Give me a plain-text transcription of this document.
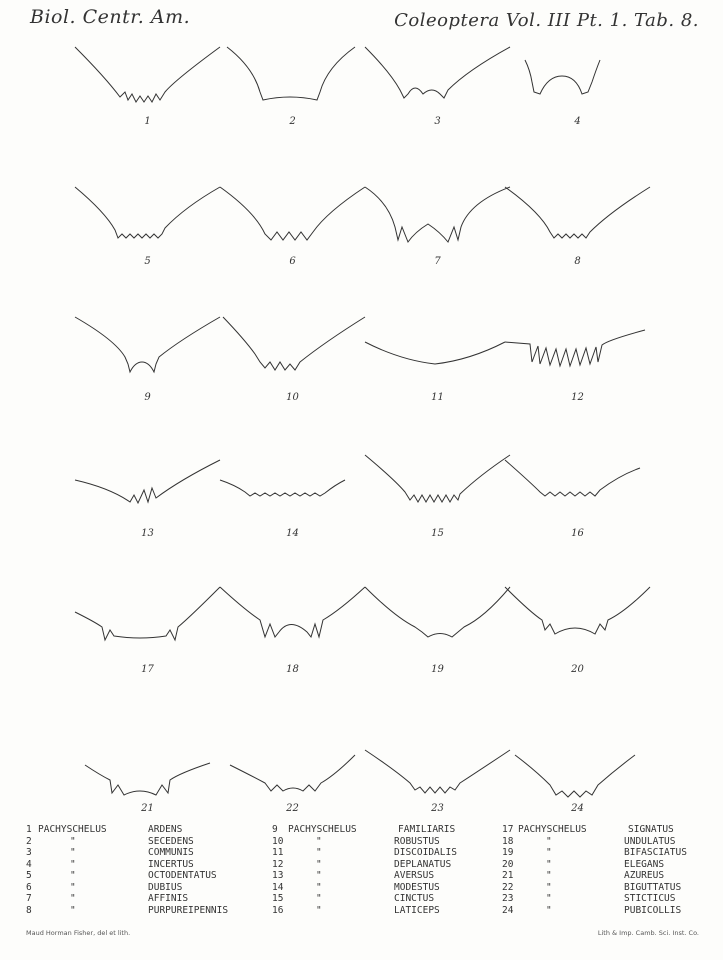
Biol. Centr. Am.	Coleoptera Vol. III Pt. 1. Tab. 8.
1	2	3	4
5	6	7	8
9	10	11	12
13	14	15	16
17	18	19	20
21	22	23	24
1 PACHYSCHELUS	ARDENS
2	"	SECEDENS
3	"	COMMUNIS
4	"	INCERTUS
5	"	OCTODENTATUS
6	"	DUBIUS
7	"	AFFINIS
8	"	PURPUREIPENNIS
9 PACHYSCHELUS	FAMILIARIS
10	"	ROBUSTUS
11	"	DISCOIDALIS
12	"	DEPLANATUS
13	"	AVERSUS
14	"	MODESTUS
15	"	CINCTUS
16	"	LATICEPS
17 PACHYSCHELUS	SIGNATUS
18	"	UNDULATUS
19	"	BIFASCIATUS
20	"	ELEGANS
21	"	AZUREUS
22	"	BIGUTTATUS
23	"	STICTICUS
24	"	PUBICOLLIS
Maud Horman Fisher, del et lith.	Lith & Imp. Camb. Sci. Inst. Co.
